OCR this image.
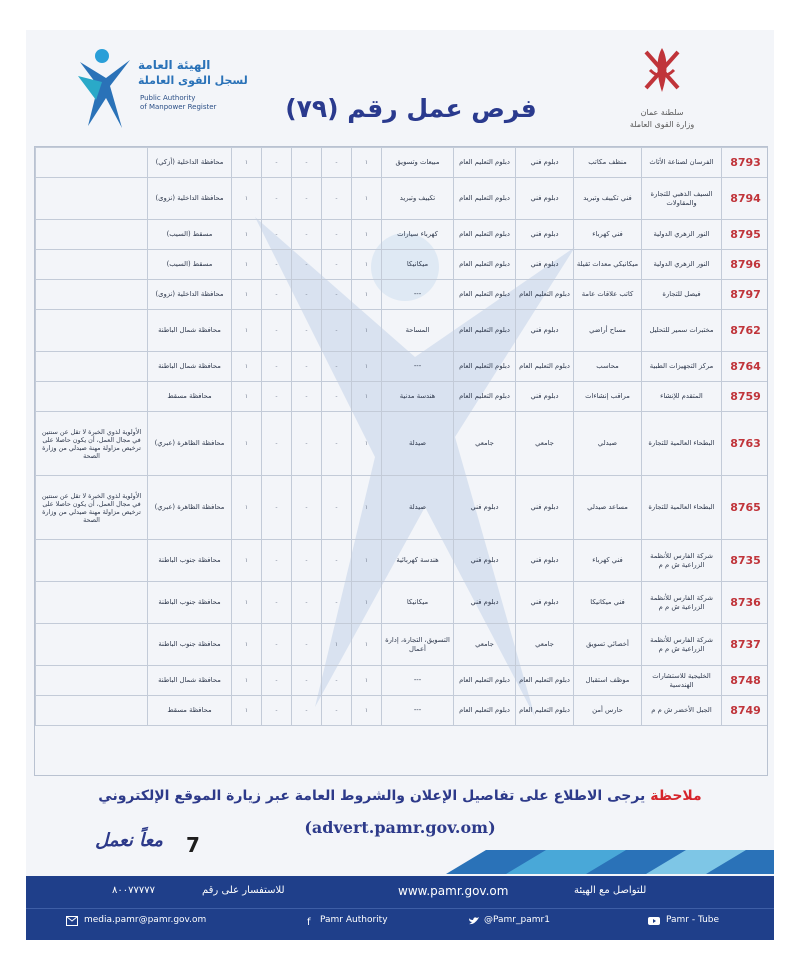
الهيئة العامة
لسجل القوى العاملة
Public Authority
of Manpower Register	فرص عمل رقم (٧٩)	سلطنة عمان
وزارة القوى العاملة
8793	الفرسان لصناعة الأثاث	منظف مكاتب	دبلوم فني	دبلوم التعليم العام	مبيعات وتسويق	١	-	-	-	١	محافظة الداخلية (أزكي)	
8794	السيف الذهبي للتجارة والمقاولات	فني تكييف وتبريد	دبلوم فني	دبلوم التعليم العام	تكييف وتبريد	١	-	-	-	١	محافظة الداخلية (نزوى)	
8795	النور الزهري الدولية	فني كهرباء	دبلوم فني	دبلوم التعليم العام	كهرباء سيارات	١	-	-	-	١	مسقط (السيب)	
8796	النور الزهري الدولية	ميكانيكي معدات ثقيلة	دبلوم فني	دبلوم التعليم العام	ميكانيكا	١	-	-	-	١	مسقط (السيب)	
8797	فيصل للتجارة	كاتب علاقات عامة	دبلوم التعليم العام	دبلوم التعليم العام	---	١	-	-	-	١	محافظة الداخلية (نزوى)	
8762	مختبرات سمير للتحليل	مساح أراضي	دبلوم فني	دبلوم التعليم العام	المساحة	١	-	-	-	١	محافظة شمال الباطنة	
8764	مركز التجهيزات الطبية	محاسب	دبلوم التعليم العام	دبلوم التعليم العام	---	١	-	-	-	١	محافظة شمال الباطنة	
8759	المتقدم للإنشاء	مراقب إنشاءات	دبلوم فني	دبلوم التعليم العام	هندسة مدنية	١	-	-	-	١	محافظة مسقط	
8763	البطحاء العالمية للتجارة	صيدلي	جامعي	جامعي	صيدلة	١	-	-	-	١	محافظة الظاهرة (عبري)	الأولوية لذوي الخبرة لا تقل عن سنتين في مجال العمل، أن يكون حاصلا على ترخيص مزاولة مهنة صيدلي من وزارة الصحة
8765	البطحاء العالمية للتجارة	مساعد صيدلي	دبلوم فني	دبلوم فني	صيدلة	١	-	-	-	١	محافظة الظاهرة (عبري)	الأولوية لذوي الخبرة لا تقل عن سنتين في مجال العمل، أن يكون حاصلا على ترخيص مزاولة مهنة صيدلي من وزارة الصحة
8735	شركة الفارس للأنظمة الزراعية ش م م	فني كهرباء	دبلوم فني	دبلوم فني	هندسة كهربائية	١	-	-	-	١	محافظة جنوب الباطنة	
8736	شركة الفارس للأنظمة الزراعية ش م م	فني ميكانيكا	دبلوم فني	دبلوم فني	ميكانيكا	١	-	-	-	١	محافظة جنوب الباطنة	
8737	شركة الفارس للأنظمة الزراعية ش م م	أخصائي تسويق	جامعي	جامعي	التسويق، التجارة، إدارة أعمال	١	١	-	-	١	محافظة جنوب الباطنة	
8748	الخليجية للاستشارات الهندسية	موظف استقبال	دبلوم التعليم العام	دبلوم التعليم العام	---	١	-	-	-	١	محافظة شمال الباطنة	
8749	الجبل الأخضر ش م م	حارس أمن	دبلوم التعليم العام	دبلوم التعليم العام	---	١	-	-	-	١	محافظة مسقط	
ملاحظة يرجى الاطلاع على تفاصيل الإعلان والشروط العامة عبر زيارة الموقع الإلكتروني
(advert.pamr.gov.om)
معاً نعمل	7
للتواصل مع الهيئة
www.pamr.gov.om
للاستفسار على رقم
٨٠٠٧٧٧٧٧
media.pamr@pamr.gov.om	f Pamr Authority	@Pamr_pamr1	Pamr - Tube
